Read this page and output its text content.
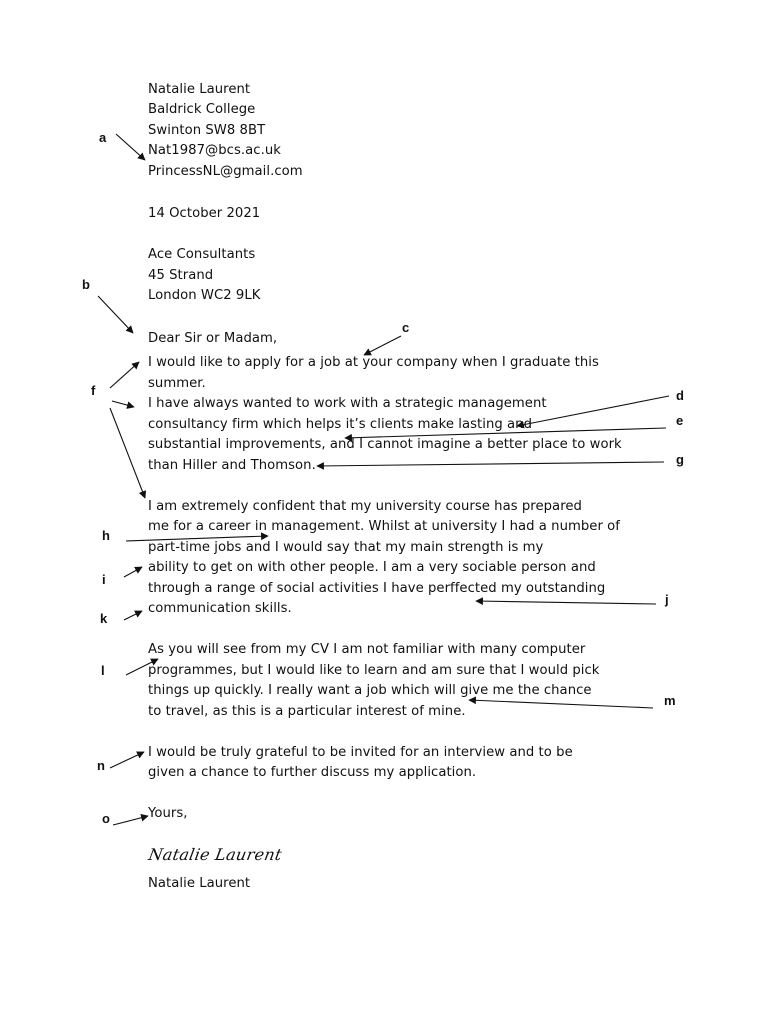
Natalie Laurent

Baldrick College

Swinton SW8 8BT

Nat1987@bcs.ac.uk

PrincessNL@gmail.com

14 October 2021

Ace Consultants

45 Strand

London WC2 9LK

Dear Sir or Madam,

I would like to apply for a job at your company when I graduate this

summer.

I have always wanted to work with a strategic management

consultancy firm which helps it’s clients make lasting and

substantial improvements, and I cannot imagine a better place to work

than Hiller and Thomson.

I am extremely confident that my university course has prepared

me for a career in management. Whilst at university I had a number of

part-time jobs and I would say that my main strength is my

ability to get on with other people. I am a very sociable person and

through a range of social activities I have perffected my outstanding

communication skills.

As you will see from my CV I am not familiar with many computer

programmes, but I would like to learn and am sure that I would pick

things up quickly. I really want a job which will give me the chance

to travel, as this is a particular interest of mine.

I would be truly grateful to be invited for an interview and to be

given a chance to further discuss my application.

Yours,

Natalie Laurent

Natalie Laurent

a
b
c
d
e
f
g
h
i
j
k
l
m
n
o
